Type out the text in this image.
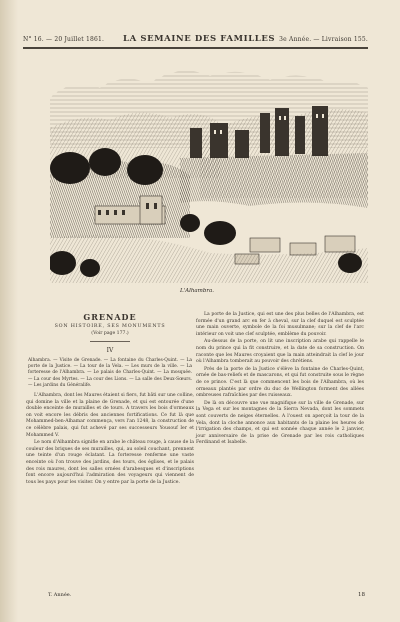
N° 16. — 20 Juillet 1861. LA SEMAINE DES FAMILLES 3e Année. — Livraison 155.
L'Alhambra.
GRENADE
SON HISTOIRE, SES MONUMENTS
(Voir page 177.)
IV
Alhambra. — Visite de Grenade. — La fontaine du Charles-Quint. — La porte de la Justice. — La tour de la Vela. — Les murs de la ville. — La forteresse de l'Alhambra. — Le palais de Charles-Quint. — La mosquée. — La cour des Myrtes. — La cour des Lions. — La salle des Deux-Sœurs. — Les jardins du Généralife.

L'Alhambra, dont les Maures étaient si fiers, fut bâti sur une colline, qui domine la ville et la plaine de Grenade, et qui est entourée d'une double enceinte de murailles et de tours. A travers les bois d'ormeaux on voit encore les débris des anciennes fortifications. Ce fut là que Mohammed-ben-Alhamar commença, vers l'an 1248, la construction de ce célèbre palais, qui fut achevé par ses successeurs Yousouf Ier et Mohammed V.

Le nom d'Alhambra signifie en arabe le château rouge, à cause de la couleur des briques de ses murailles, qui, au soleil couchant, prennent une teinte d'un rouge éclatant. La forteresse renferme une vaste enceinte où l'on trouve des jardins, des tours, des églises, et le palais des rois maures, dont les salles ornées d'arabesques et d'inscriptions font encore aujourd'hui l'admiration des voyageurs qui viennent de tous les pays pour les visiter. On y entre par la porte de la Justice.

La porte de la Justice, qui est une des plus belles de l'Alhambra, est formée d'un grand arc en fer à cheval, sur la clef duquel est sculptée une main ouverte, symbole de la foi musulmane; sur la clef de l'arc intérieur on voit une clef sculptée, emblème du pouvoir.

Au-dessus de la porte, on lit une inscription arabe qui rappelle le nom du prince qui la fit construire, et la date de sa construction. On raconte que les Maures croyaient que la main atteindrait la clef le jour où l'Alhambra tomberait au pouvoir des chrétiens.

Près de la porte de la Justice s'élève la fontaine de Charles-Quint, ornée de bas-reliefs et de mascarons, et qui fut construite sous le règne de ce prince. C'est là que commencent les bois de l'Alhambra, où les ormeaux plantés par ordre du duc de Wellington forment des allées ombreuses rafraîchies par des ruisseaux.

De là on découvre une vue magnifique sur la ville de Grenade, sur la Vega et sur les montagnes de la Sierra Nevada, dont les sommets sont couverts de neiges éternelles. A l'ouest on aperçoit la tour de la Vela, dont la cloche annonce aux habitants de la plaine les heures de l'irrigation des champs, et qui est sonnée chaque année le 2 janvier, jour anniversaire de la prise de Grenade par les rois catholiques Ferdinand et Isabelle.

T. Année.	18
